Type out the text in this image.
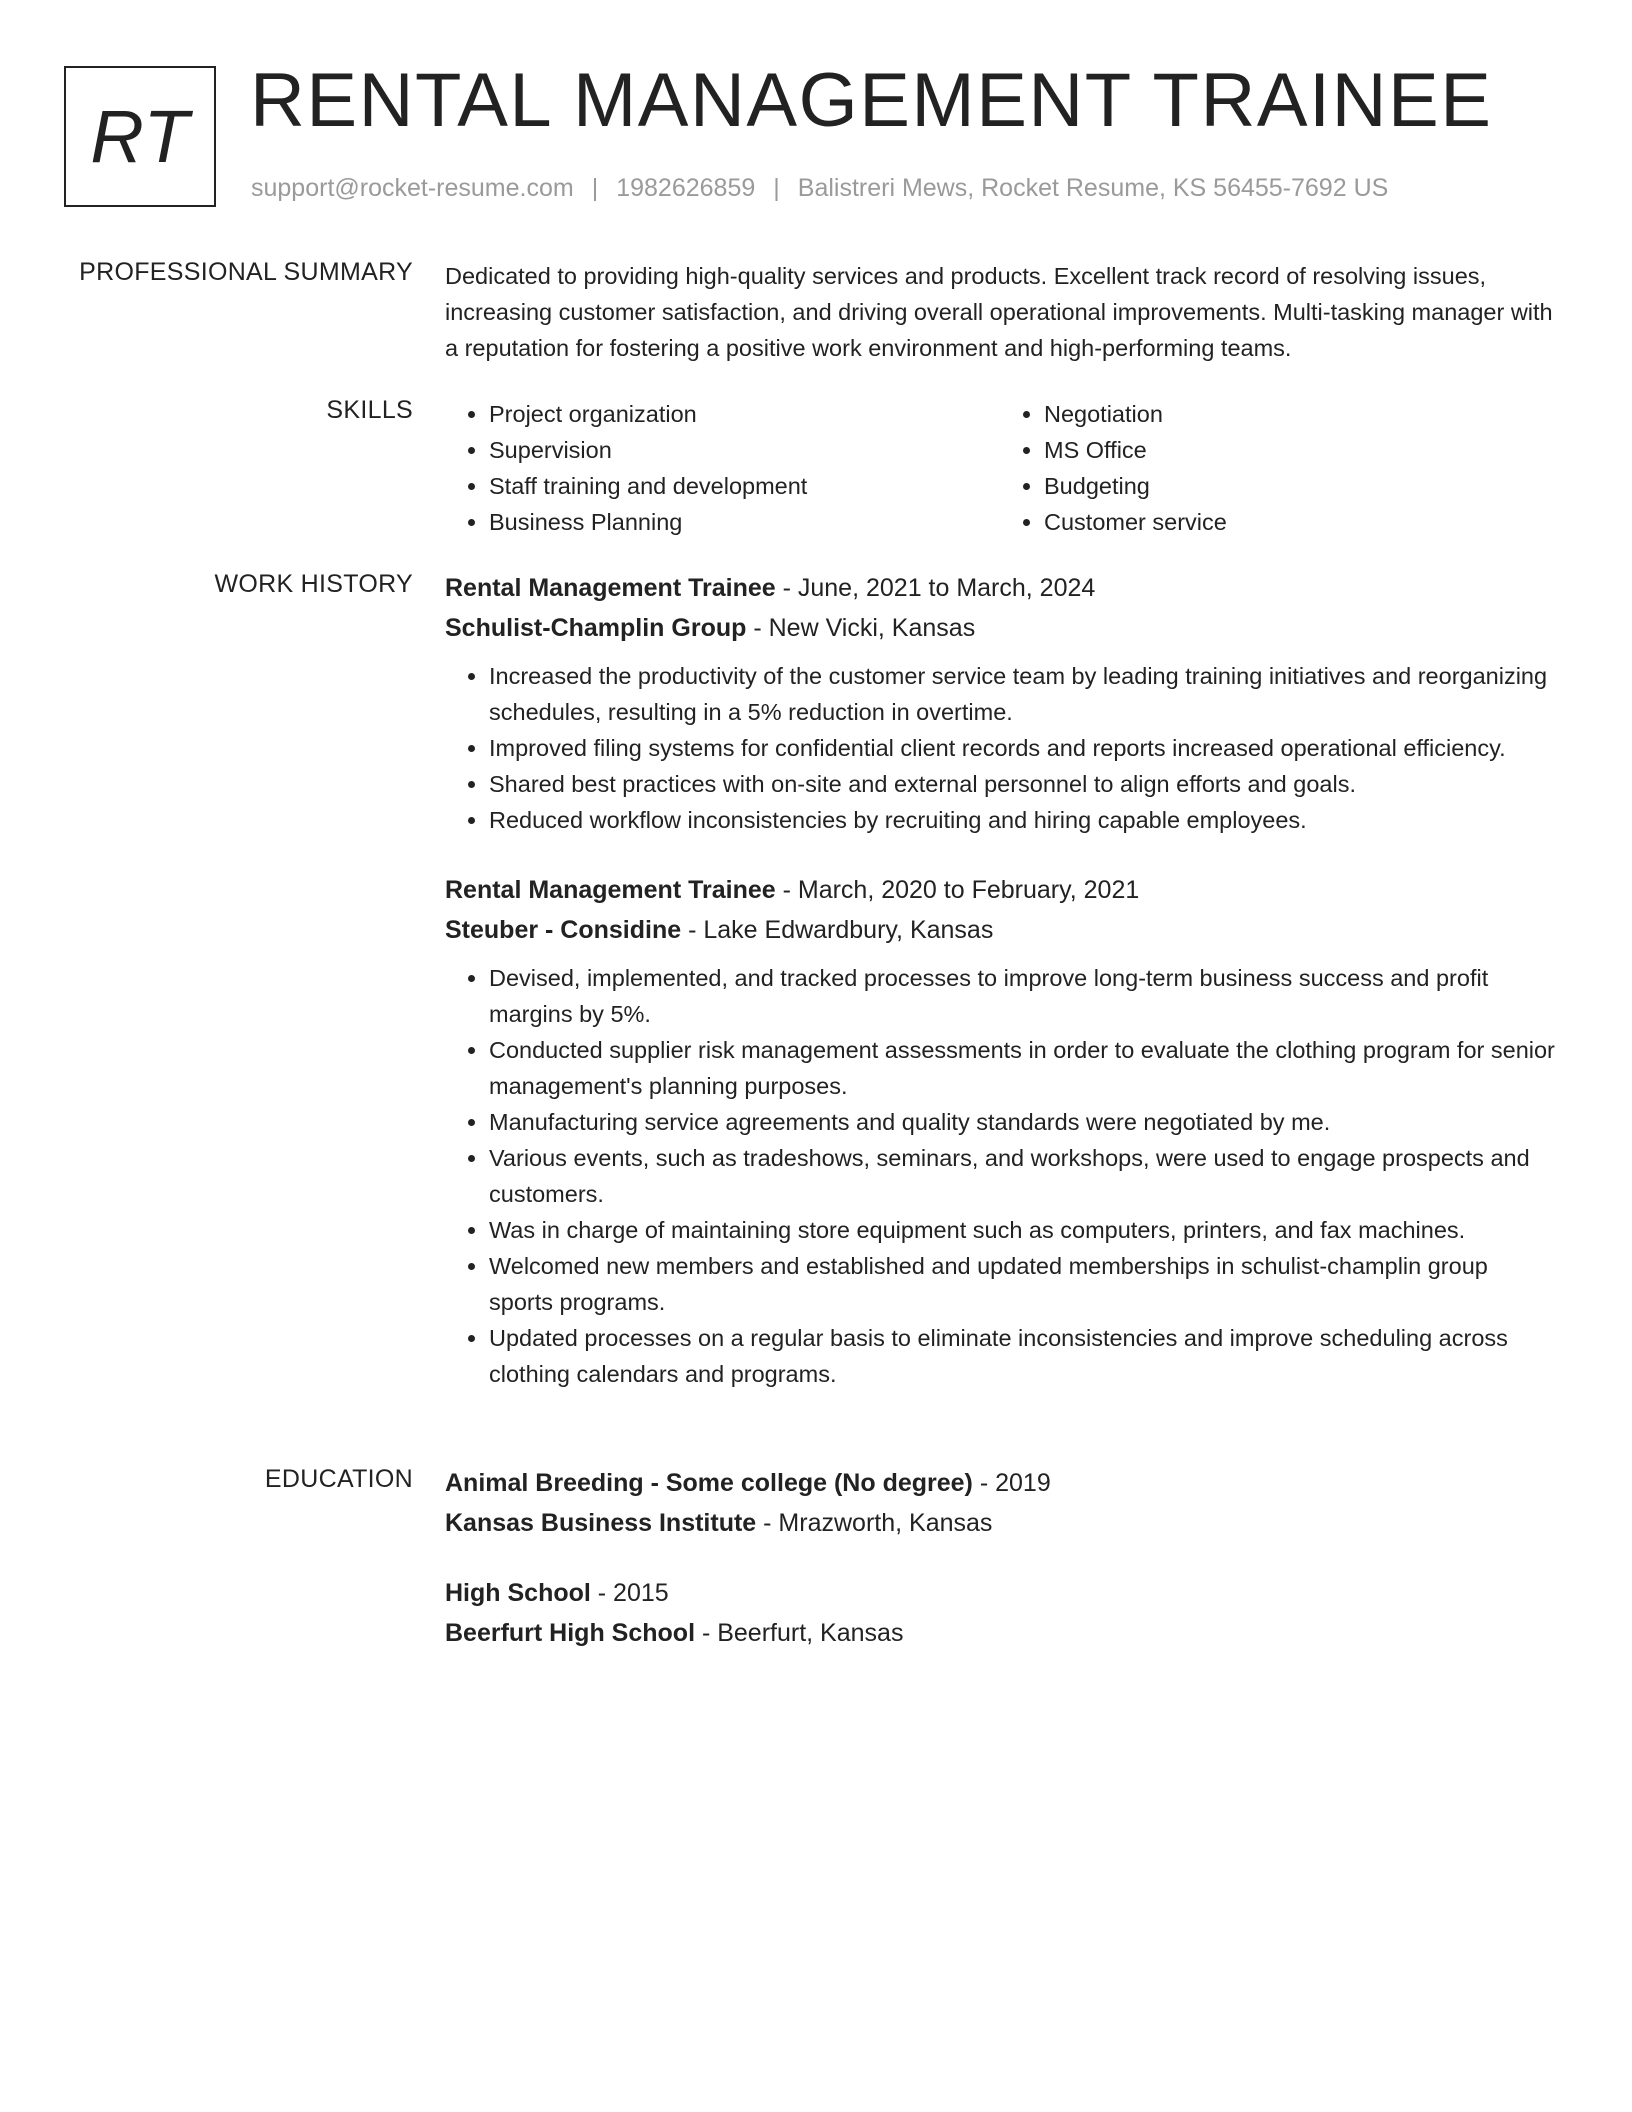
RT RENTAL MANAGEMENT TRAINEE
support@rocket-resume.com | 1982626859 | Balistreri Mews, Rocket Resume, KS 56455-7692 US
PROFESSIONAL SUMMARY Dedicated to providing high-quality services and products. Excellent track record of resolving issues, increasing customer satisfaction, and driving overall operational improvements. Multi-tasking manager with a reputation for fostering a positive work environment and high-performing teams.

SKILLS
•	Project organization
• Supervision
• Staff training and development
• Business Planning
• Negotiation
• MS Office
• Budgeting
• Customer service
WORK HISTORY Rental Management Trainee - June, 2021 to March, 2024
Schulist-Champlin Group - New Vicki, Kansas
• Increased the productivity of the customer service team by leading training initiatives and reorganizing schedules, resulting in a 5% reduction in overtime.
• Improved filing systems for confidential client records and reports increased operational efficiency.
• Shared best practices with on-site and external personnel to align efforts and goals.
• Reduced workflow inconsistencies by recruiting and hiring capable employees.
Rental Management Trainee - March, 2020 to February, 2021
Steuber - Considine - Lake Edwardbury, Kansas
• Devised, implemented, and tracked processes to improve long-term business success and profit margins by 5%.
• Conducted supplier risk management assessments in order to evaluate the clothing program for senior management's planning purposes.
• Manufacturing service agreements and quality standards were negotiated by me.
• Various events, such as tradeshows, seminars, and workshops, were used to engage prospects and customers.
• Was in charge of maintaining store equipment such as computers, printers, and fax machines.
• Welcomed new members and established and updated memberships in schulist-champlin group sports programs.
• Updated processes on a regular basis to eliminate inconsistencies and improve scheduling across clothing calendars and programs.
EDUCATION Animal Breeding - Some college (No degree) - 2019
Kansas Business Institute - Mrazworth, Kansas
High School - 2015
Beerfurt High School - Beerfurt, Kansas
